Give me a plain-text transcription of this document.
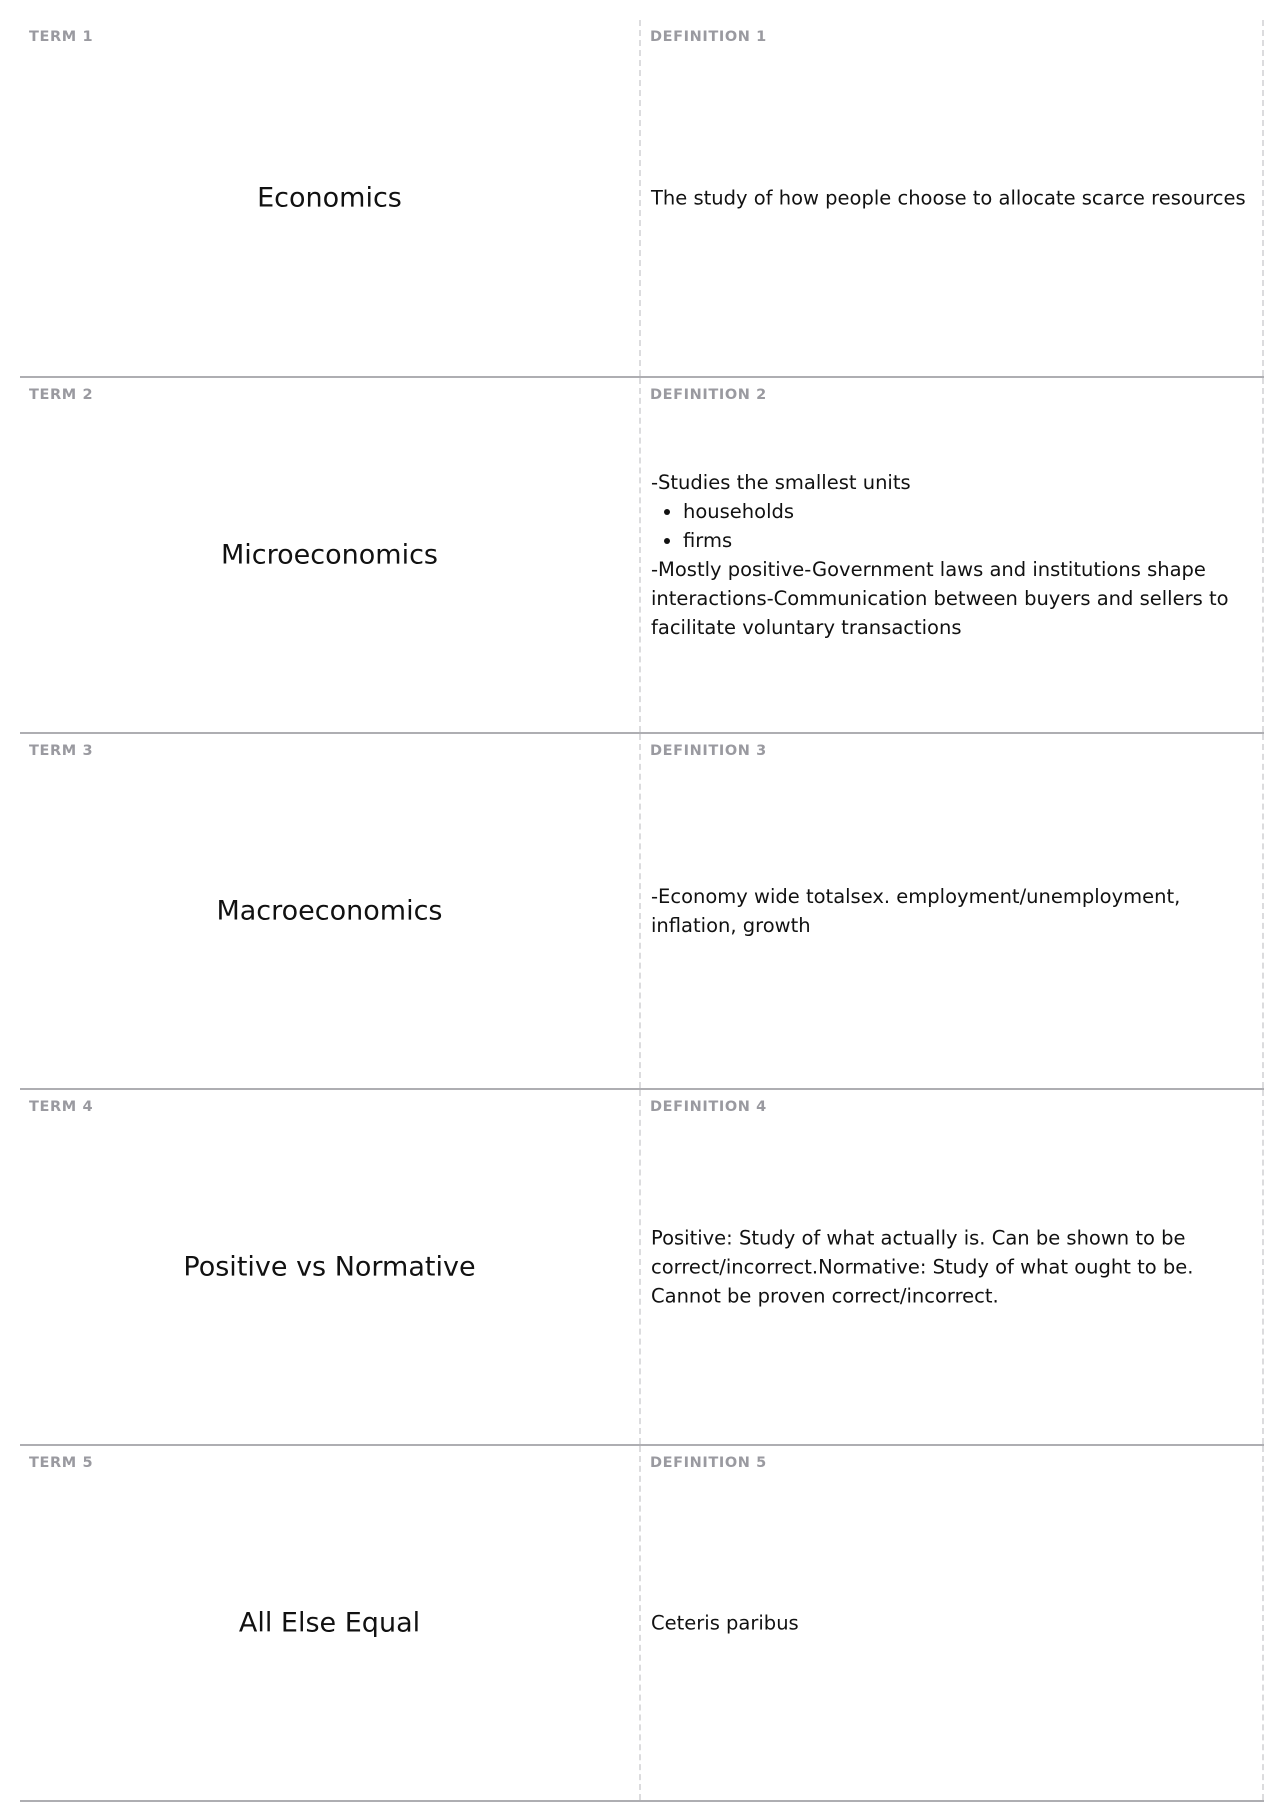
TERM 1
Economics
DEFINITION 1

The study of how people choose to allocate scarce resources

TERM 2
Microeconomics
DEFINITION 2

-Studies the smallest units

• households
• firms

-Mostly positive-Government laws and institutions shape interactions-Communication between buyers and sellers to facilitate voluntary transactions

TERM 3
Macroeconomics
DEFINITION 3

-Economy wide totalsex. employment/unemployment, inflation, growth

TERM 4
Positive vs Normative
DEFINITION 4

Positive: Study of what actually is. Can be shown to be correct/incorrect.Normative: Study of what ought to be. Cannot be proven correct/incorrect.

TERM 5
All Else Equal
DEFINITION 5

Ceteris paribus
